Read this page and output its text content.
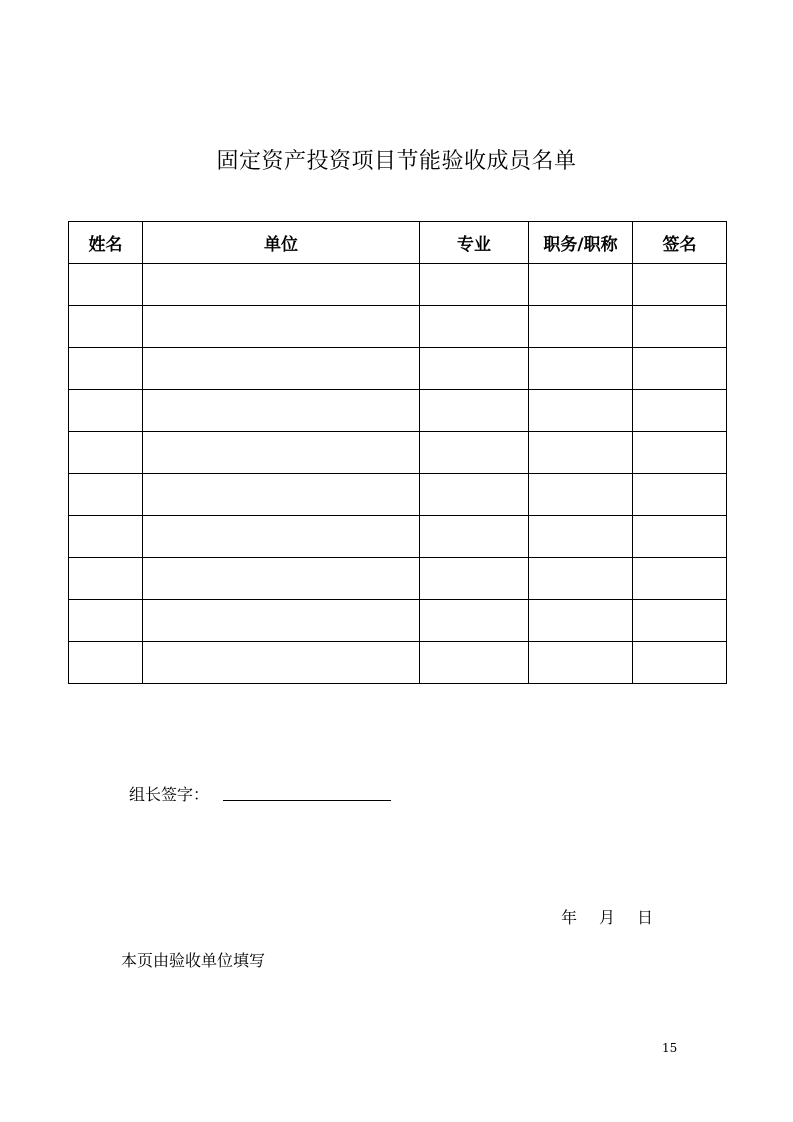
固定资产投资项目节能验收成员名单
姓名	单位	专业	职务/职称	签名

组长签字：
年 月 日
本页由验收单位填写
15
